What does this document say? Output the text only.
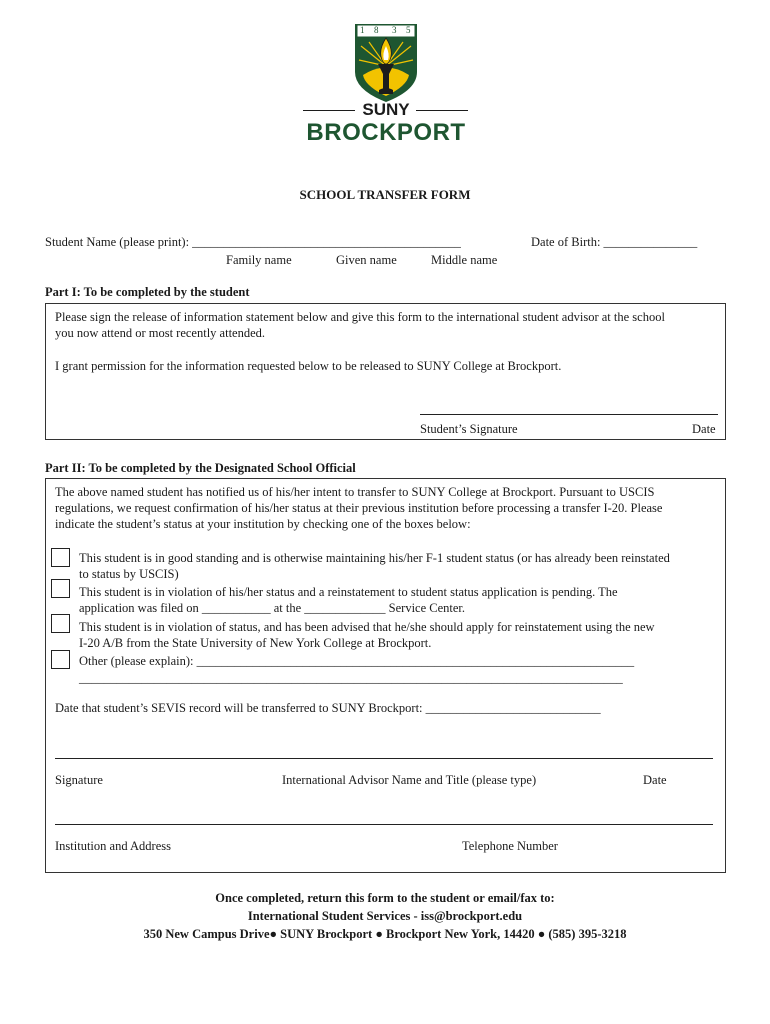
1 8 3 5
SUNY
BROCKPORT
SCHOOL TRANSFER FORM
Student Name (please print): ___________________________________________	Date of Birth: _______________
Family name	Given name	Middle name
Part I: To be completed by the student
Please sign the release of information statement below and give this form to the international student advisor at the school
you now attend or most recently attended.
I grant permission for the information requested below to be released to SUNY College at Brockport.
Student’s Signature	Date
Part II: To be completed by the Designated School Official
The above named student has notified us of his/her intent to transfer to SUNY College at Brockport. Pursuant to USCIS
regulations, we request confirmation of his/her status at their previous institution before processing a transfer I-20. Please
indicate the student’s status at your institution by checking one of the boxes below:
This student is in good standing and is otherwise maintaining his/her F-1 student status (or has already been reinstated
to status by USCIS)
This student is in violation of his/her status and a reinstatement to student status application is pending. The
application was filed on ___________ at the _____________ Service Center.
This student is in violation of status, and has been advised that he/she should apply for reinstatement using the new
I-20 A/B from the State University of New York College at Brockport.
Other (please explain): ______________________________________________________________________
_______________________________________________________________________________________
Date that student’s SEVIS record will be transferred to SUNY Brockport: ____________________________
Signature	International Advisor Name and Title (please type)	Date
Institution and Address	Telephone Number
Once completed, return this form to the student or email/fax to:
International Student Services - iss@brockport.edu
350 New Campus Drive● SUNY Brockport ● Brockport New York, 14420 ● (585) 395-3218
